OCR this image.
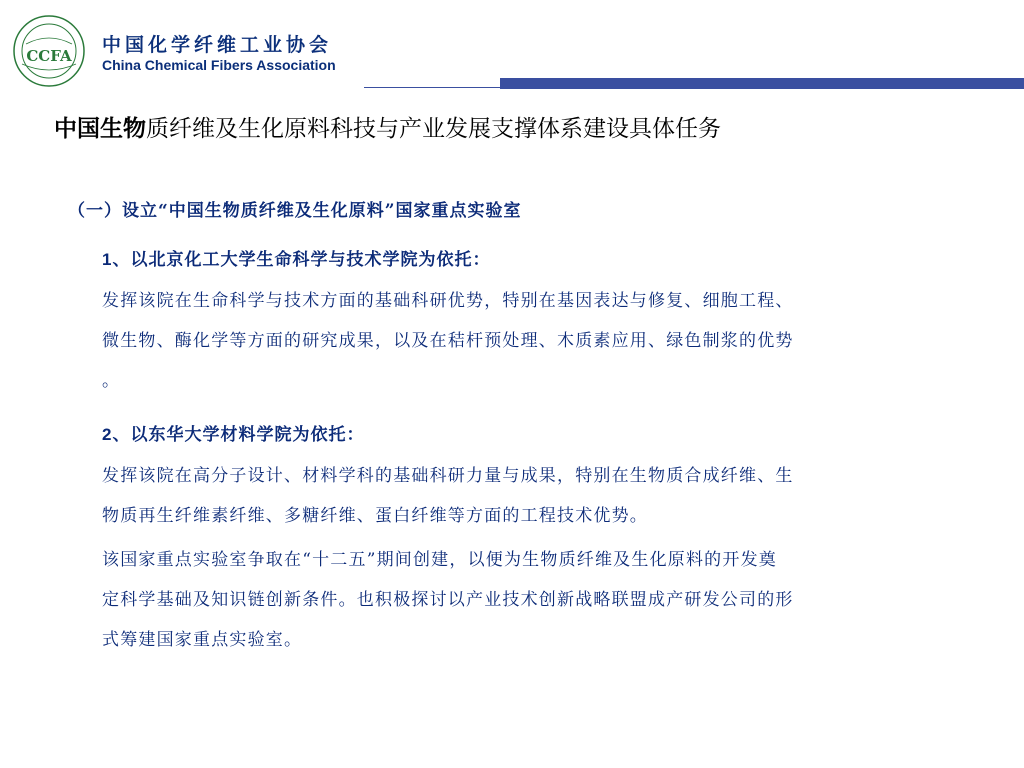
CCFA 中国化学纤维工业协会
China Chemical Fibers Association
中国生物质纤维及生化原料科技与产业发展支撑体系建设具体任务
（一）设立“中国生物质纤维及生化原料”国家重点实验室
1、以北京化工大学生命科学与技术学院为依托：
发挥该院在生命科学与技术方面的基础科研优势，特别在基因表达与修复、细胞工程、
微生物、酶化学等方面的研究成果，以及在秸杆预处理、木质素应用、绿色制浆的优势
。
2、以东华大学材料学院为依托：
发挥该院在高分子设计、材料学科的基础科研力量与成果，特别在生物质合成纤维、生
物质再生纤维素纤维、多糖纤维、蛋白纤维等方面的工程技术优势。
该国家重点实验室争取在“十二五”期间创建，以便为生物质纤维及生化原料的开发奠
定科学基础及知识链创新条件。也积极探讨以产业技术创新战略联盟成产研发公司的形
式筹建国家重点实验室。
